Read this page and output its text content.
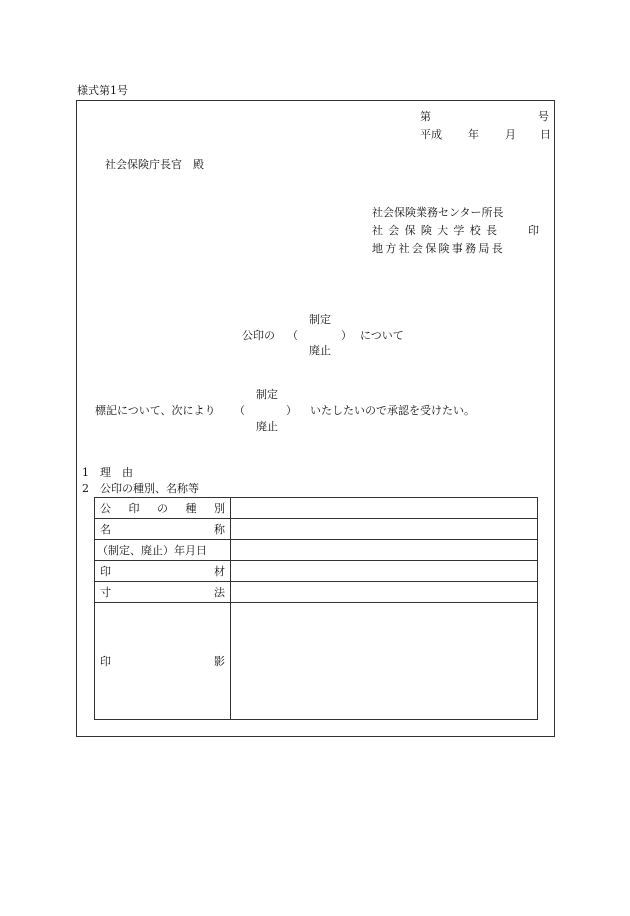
様式第1号
第	号
平成 年 月 日
社会保険庁長官　殿
社会保険業務センター所長
社 会 保 険 大 学 校 長	印
地方社会保険事務局長
制定
公印の （	） について
廃止
制定
標記について、次により （	） いたしたいので承認を受けたい。
廃止
1 理　由
2 公印の種別、名称等
公 印 の 種 別	

名 称	

（制定、廃止）年月日	

印 材	

寸 法	

印 影	
